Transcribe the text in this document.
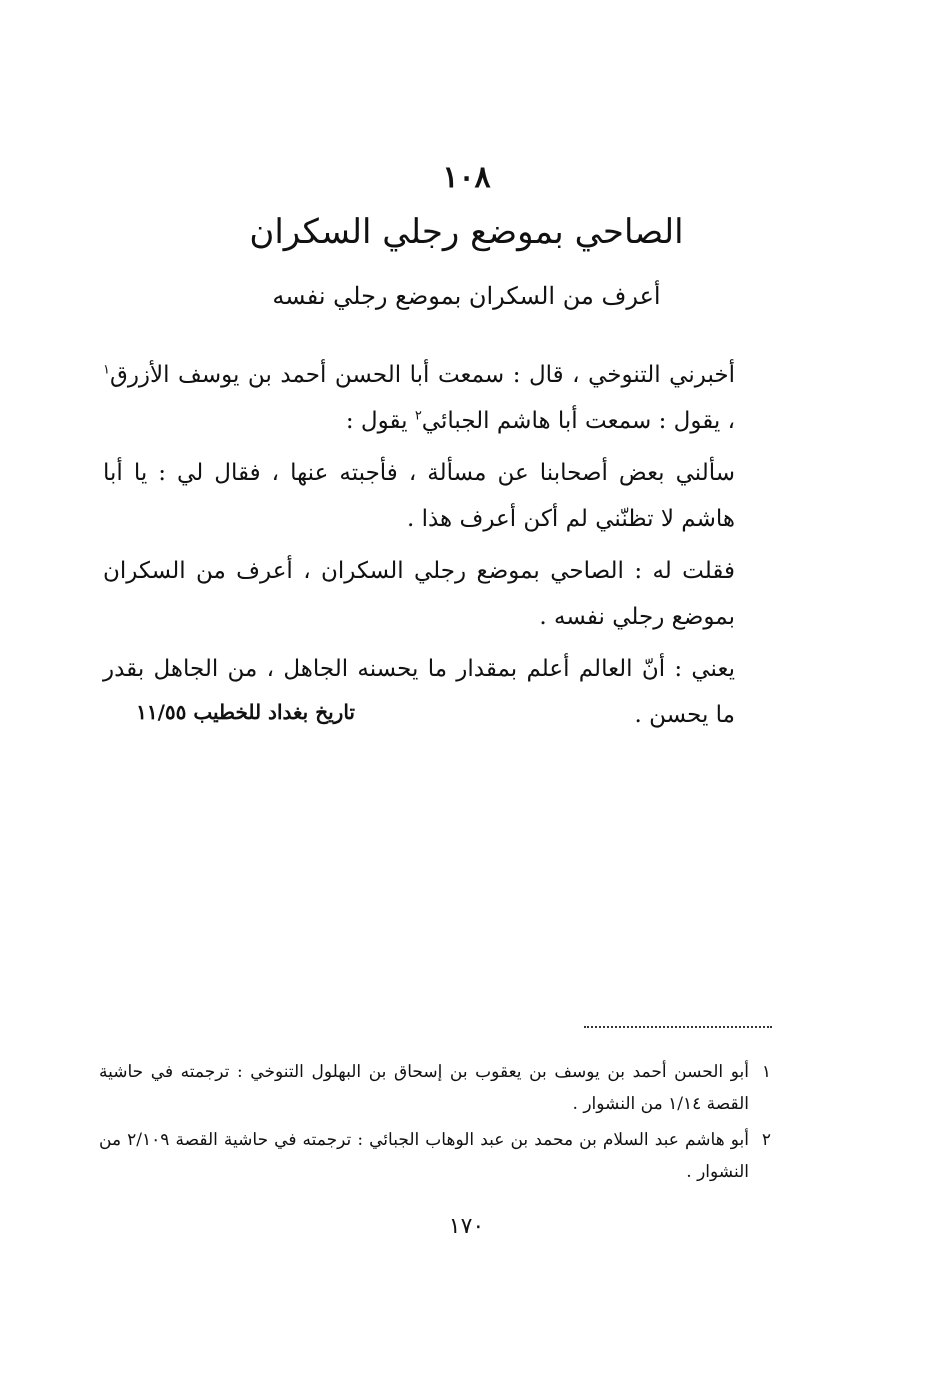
١٠٨
الصاحي بموضع رجلي السكران
أعرف من السكران بموضع رجلي نفسه

أخبرني التنوخي ، قال : سمعت أبا الحسن أحمد بن يوسف الأزرق$^١$ ، يقول : سمعت أبا هاشم الجبائي$^٢$ يقول :

سألني بعض أصحابنا عن مسألة ، فأجبته عنها ، فقال لي : يا أبا هاشم لا تظنّني لم أكن أعرف هذا .

فقلت له : الصاحي بموضع رجلي السكران ، أعرف من السكران بموضع رجلي نفسه .

يعني : أنّ العالم أعلم بمقدار ما يحسنه الجاهل ، من الجاهل بقدر ما يحسن .

تاريخ بغداد للخطيب ١١/٥٥
١
أبو الحسن أحمد بن يوسف بن يعقوب بن إسحاق بن البهلول التنوخي : ترجمته في حاشية القصة ١/١٤ من النشوار .
٢
أبو هاشم عبد السلام بن محمد بن عبد الوهاب الجبائي : ترجمته في حاشية القصة ٢/١٠٩ من النشوار .
١٧٠
